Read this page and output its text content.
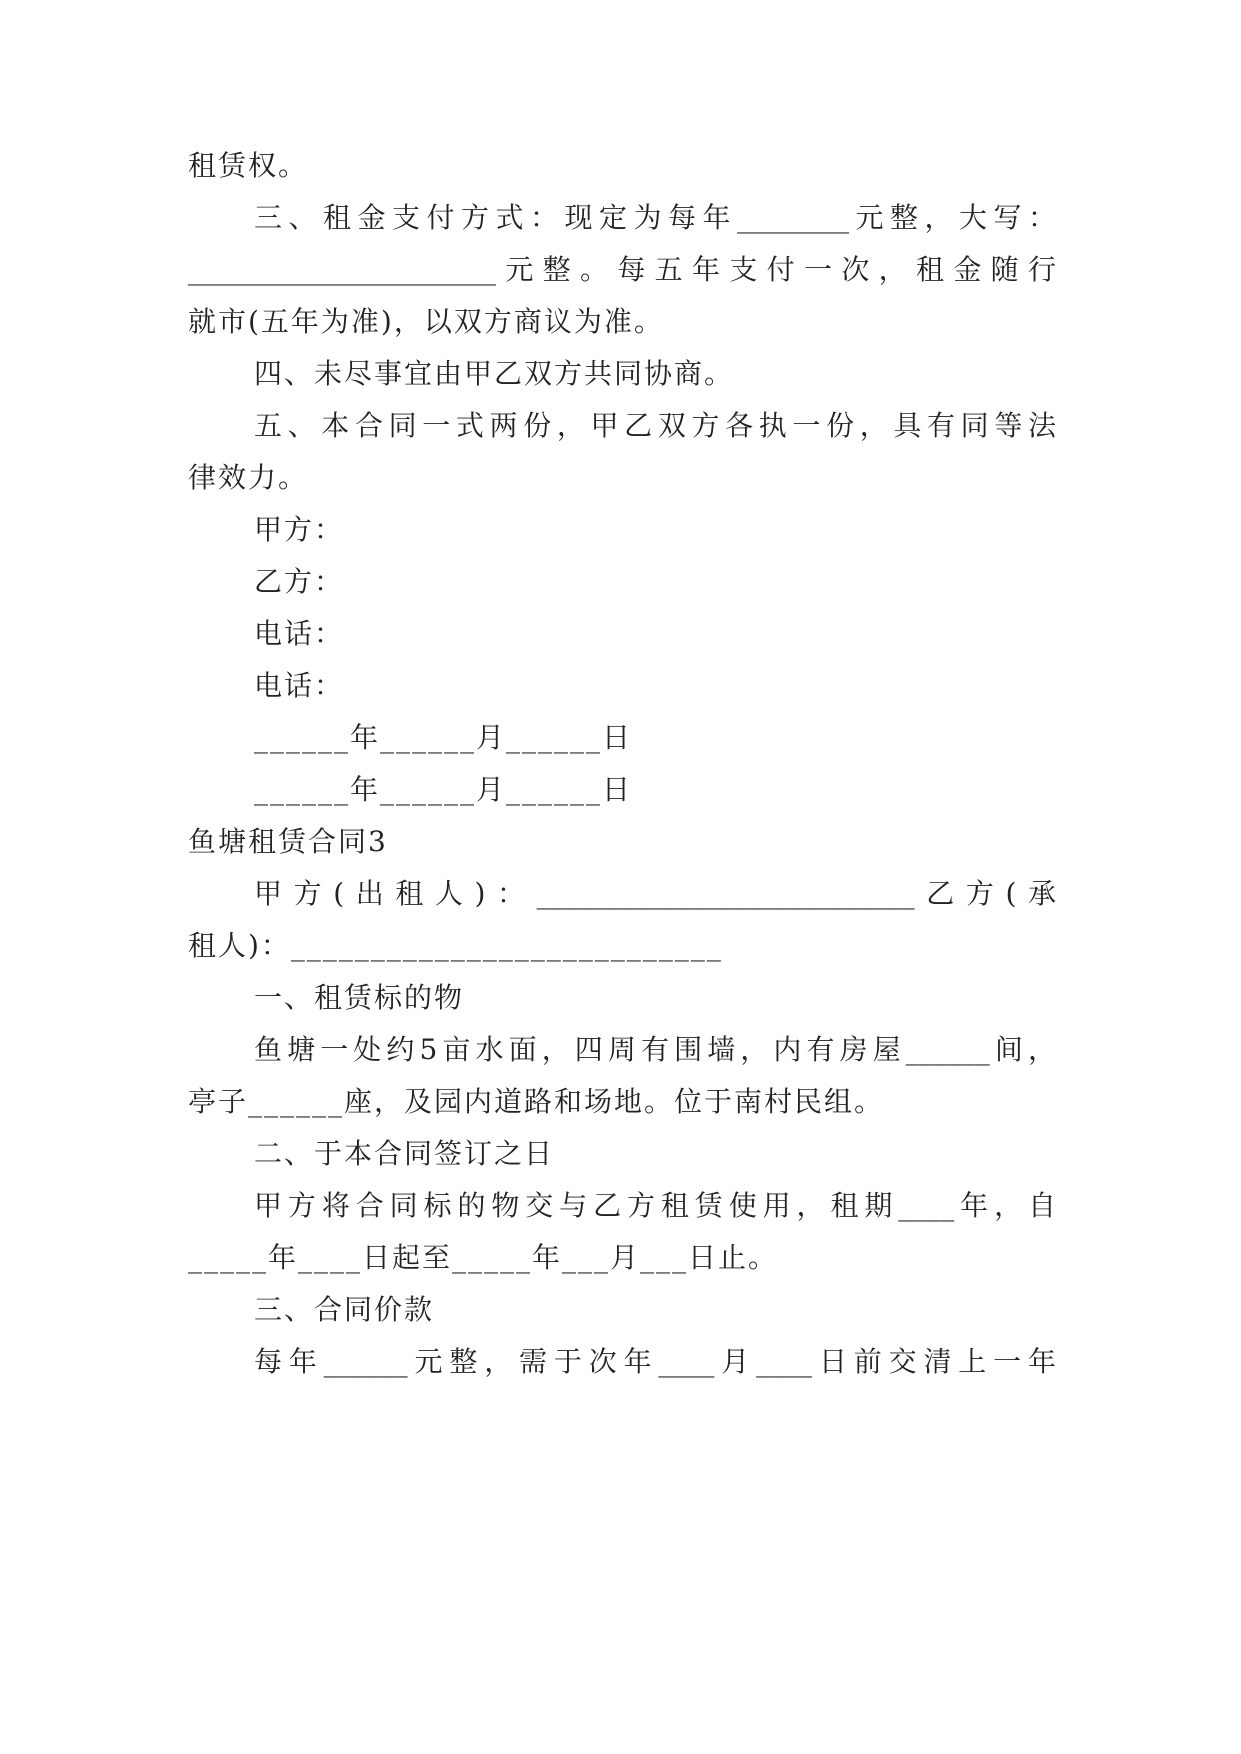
租赁权。
三、租金支付方式：现定为每年________元整，大写：
______________________元整。每五年支付一次，租金随行
就市(五年为准)，以双方商议为准。
四、未尽事宜由甲乙双方共同协商。
五、本合同一式两份，甲乙双方各执一份，具有同等法
律效力。
甲方：
乙方：
电话：
电话：
______年______月______日
______年______月______日
鱼塘租赁合同3
甲方(出租人)：___________________________乙方(承
租人)：___________________________
一、租赁标的物
鱼塘一处约5亩水面，四周有围墙，内有房屋______间，
亭子______座，及园内道路和场地。位于南村民组。
二、于本合同签订之日
甲方将合同标的物交与乙方租赁使用，租期____年，自
_____年____日起至_____年___月___日止。
三、合同价款
每年______元整，需于次年____月____日前交清上一年
